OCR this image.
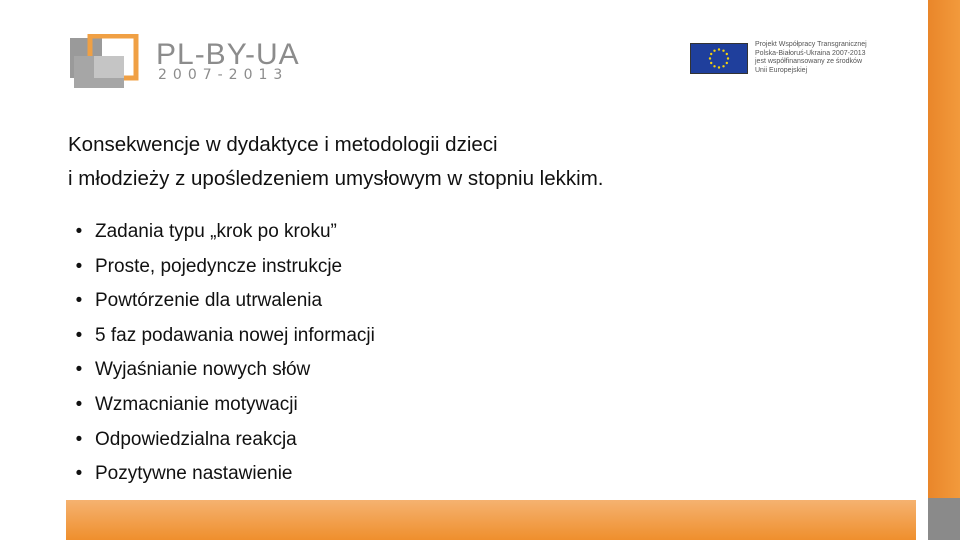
PL-BY-UA
2007-2013
Projekt Współpracy Transgranicznej
Polska-Białoruś-Ukraina 2007-2013
jest współfinansowany ze środków
Unii Europejskiej
Konsekwencje w dydaktyce i metodologii dzieci
i młodzieży z upośledzeniem umysłowym w stopniu lekkim.
• Zadania typu „krok po kroku”
• Proste, pojedyncze instrukcje
• Powtórzenie dla utrwalenia
• 5 faz podawania nowej informacji
• Wyjaśnianie nowych słów
• Wzmacnianie motywacji
• Odpowiedzialna reakcja
• Pozytywne nastawienie
